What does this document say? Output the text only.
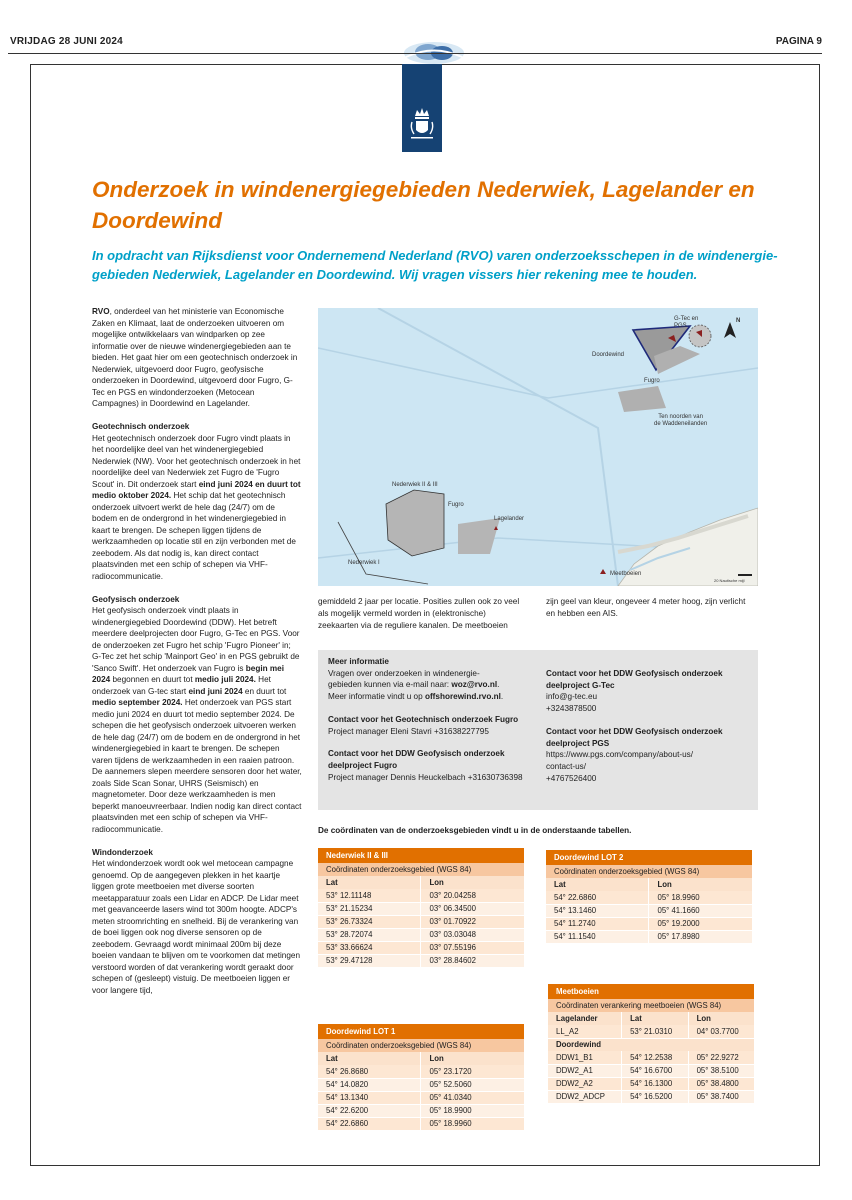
VRIJDAG 28 JUNI 2024	PAGINA 9
Onderzoek in windenergiegebieden Nederwiek, Lagelander en Doordewind
In opdracht van Rijksdienst voor Ondernemend Nederland (RVO) varen onderzoeksschepen in de windenergie-gebieden Nederwiek, Lagelander en Doordewind. Wij vragen vissers hier rekening mee te houden.

RVO, onderdeel van het ministerie van Economische Zaken en Klimaat, laat de onderzoeken uitvoeren om mogelijke ontwikkelaars van windparken op zee informatie over de nieuwe windenergiegebieden aan te bieden. Het gaat hier om een geotechnisch onderzoek in Nederwiek, uitgevoerd door Fugro, geofysische onderzoeken in Doordewind, uitgevoerd door Fugro, G-Tec en PGS en windonderzoeken (Metocean Campagnes) in Doordewind en Lagelander.

Geotechnisch onderzoek

Het geotechnisch onderzoek door Fugro vindt plaats in het noordelijke deel van het windenergiegebied Nederwiek (NW). Voor het geotechnisch onderzoek in het noordelijke deel van Nederwiek zet Fugro de 'Fugro Scout' in. Dit onderzoek start eind juni 2024 en duurt tot medio oktober 2024. Het schip dat het geotechnisch onderzoek uitvoert werkt de hele dag (24/7) om de bodem en de ondergrond in het windenergiegebied in kaart te brengen. De schepen liggen tijdens de werkzaamheden op locatie stil en zijn verbonden met de zeebodem. Als dat nodig is, kan direct contact plaatsvinden met een schip of schepen via VHF-radiocommunicatie.

Geofysisch onderzoek

Het geofysisch onderzoek vindt plaats in windenergiegebied Doordewind (DDW). Het betreft meerdere deelprojecten door Fugro, G-Tec en PGS. Voor de onderzoeken zet Fugro het schip 'Fugro Pioneer' in; G-Tec zet het schip 'Mainport Geo' in en PGS gebruikt de 'Sanco Swift'. Het onderzoek van Fugro is begin mei 2024 begonnen en duurt tot medio juli 2024. Het onderzoek van G-tec start eind juni 2024 en duurt tot medio september 2024. Het onderzoek van PGS start medio juni 2024 en duurt tot medio september 2024. De schepen die het geofysisch onderzoek uitvoeren werken de hele dag (24/7) om de bodem en de ondergrond in het windenergiegebied in kaart te brengen. De schepen varen tijdens de werkzaamheden in een raaien patroon. De aannemers slepen meerdere sensoren door het water, zoals Side Scan Sonar, UHRS (Seismisch) en magnetometer. Door deze werkzaamheden is men beperkt manoeuvreerbaar. Indien nodig kan direct contact plaatsvinden met een schip of schepen via VHF-radiocommunicatie.

Windonderzoek

Het windonderzoek wordt ook wel metocean campagne genoemd. Op de aangegeven plekken in het kaartje liggen grote meetboeien met diverse soorten meetapparatuur zoals een Lidar en ADCP. De Lidar meet met geavanceerde lasers wind tot 300m hoogte. ADCP's meten stroomrichting en snelheid. Bij de verankering van de boei liggen ook nog diverse sensoren op de zeebodem. Gevraagd wordt minimaal 200m bij deze boeien vandaan te blijven om te voorkomen dat metingen verstoord worden of dat verankering wordt geraakt door schepen of (gesleept) vistuig. De meetboeien liggen er voor langere tijd,

G-Tec en
PGS
Doordewind
Fugro
N
Ten noorden van
de Waddeneilanden
Nederwiek II & III
Fugro
Lagelander
Nederwiek I
Meetboeien
20 Nautische mijl
gemiddeld 2 jaar per locatie. Posities zullen ook zo veel als mogelijk vermeld worden in (elektronische) zeekaarten via de reguliere kanalen. De meetboeien
zijn geel van kleur, ongeveer 4 meter hoog, zijn verlicht en hebben een AIS.
Meer informatie
Vragen over onderzoeken in windenergie-
gebieden kunnen via e-mail naar: woz@rvo.nl.
Meer informatie vindt u op offshorewind.rvo.nl.
Contact voor het Geotechnisch onderzoek Fugro
Project manager Eleni Stavri +31638227795
Contact voor het DDW Geofysisch onderzoek
deelproject Fugro
Project manager Dennis Heuckelbach +31630736398
Contact voor het DDW Geofysisch onderzoek
deelproject G-Tec
info@g-tec.eu
+3243878500
Contact voor het DDW Geofysisch onderzoek
deelproject PGS
https://www.pgs.com/company/about-us/
contact-us/
+4767526400
De coördinaten van de onderzoeksgebieden vindt u in de onderstaande tabellen.
Nederwiek II & III	
Coördinaten onderzoeksgebied (WGS 84)	
Lat	Lon
53° 12.11148	03° 20.04258
53° 21.15234	03° 06.34500
53° 26.73324	03° 01.70922
53° 28.72074	03° 03.03048
53° 33.66624	03° 07.55196
53° 29.47128	03° 28.84602
Doordewind LOT 2	
Coördinaten onderzoeksgebied (WGS 84)	
Lat	Lon
54° 22.6860	05° 18.9960
54° 13.1460	05° 41.1660
54° 11.2740	05° 19.2000
54° 11.1540	05° 17.8980
Doordewind LOT 1	
Coördinaten onderzoeksgebied (WGS 84)	
Lat	Lon
54° 26.8680	05° 23.1720
54° 14.0820	05° 52.5060
54° 13.1340	05° 41.0340
54° 22.6200	05° 18.9900
54° 22.6860	05° 18.9960
Meetboeien		
Coördinaten verankering meetboeien (WGS 84)		
Lagelander	Lat	Lon
LL_A2	53° 21.0310	04° 03.7700
Doordewind		
DDW1_B1	54° 12.2538	05° 22.9272
DDW2_A1	54° 16.6700	05° 38.5100
DDW2_A2	54° 16.1300	05° 38.4800
DDW2_ADCP	54° 16.5200	05° 38.7400
